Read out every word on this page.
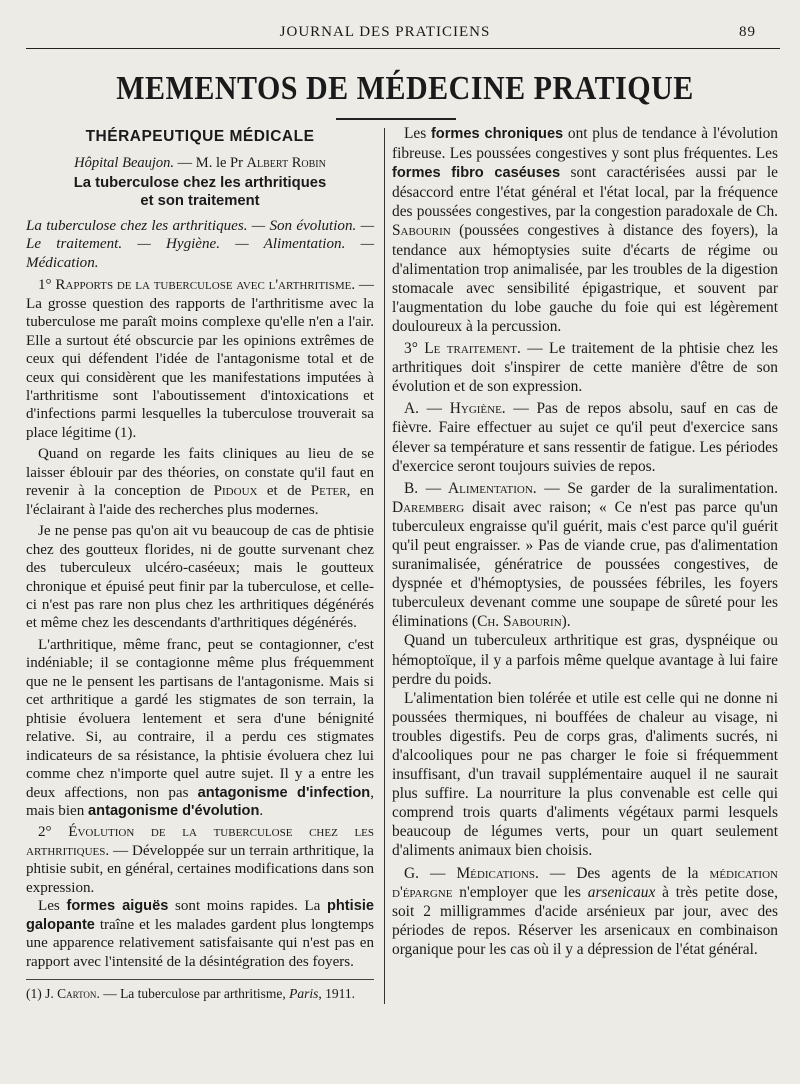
JOURNAL DES PRATICIENS	89
MEMENTOS DE MÉDECINE PRATIQUE
THÉRAPEUTIQUE MÉDICALE
Hôpital Beaujon. — M. le Pr Albert Robin
La tuberculose chez les arthritiques
et son traitement

La tuberculose chez les arthritiques. — Son évolution. — Le traitement. — Hygiène. — Alimentation. — Médication.

1° Rapports de la tuberculose avec l'arthritisme. — La grosse question des rapports de l'arthritisme avec la tuberculose me paraît moins complexe qu'elle n'en a l'air. Elle a surtout été obscurcie par les opinions extrêmes de ceux qui défendent l'idée de l'antagonisme total et de ceux qui considèrent que les manifestations imputées à l'arthritisme sont l'aboutissement d'intoxications et d'infections parmi lesquelles la tuberculose trouverait sa place légitime (1).

Quand on regarde les faits cliniques au lieu de se laisser éblouir par des théories, on constate qu'il faut en revenir à la conception de Pidoux et de Peter, en l'éclairant à l'aide des recherches plus modernes.

Je ne pense pas qu'on ait vu beaucoup de cas de phtisie chez des goutteux florides, ni de goutte survenant chez des tuberculeux ulcéro-caséeux; mais le goutteux chronique et épuisé peut finir par la tuberculose, et celle-ci n'est pas rare non plus chez les arthritiques dégénérés et même chez les descendants d'arthritiques dégénérés.

L'arthritique, même franc, peut se contagionner, c'est indéniable; il se contagionne même plus fréquemment que ne le pensent les partisans de l'antagonisme. Mais si cet arthritique a gardé les stigmates de son terrain, la phtisie évoluera lentement et sera d'une bénignité relative. Si, au contraire, il a perdu ces stigmates indicateurs de sa résistance, la phtisie évoluera chez lui comme chez n'importe quel autre sujet. Il y a entre les deux affections, non pas antagonisme d'infection, mais bien antagonisme d'évolution.

2° Évolution de la tuberculose chez les arthritiques. — Développée sur un terrain arthritique, la phtisie subit, en général, certaines modifications dans son expression.

Les formes aiguës sont moins rapides. La phtisie galopante traîne et les malades gardent plus longtemps une apparence relativement satisfaisante qui n'est pas en rapport avec l'intensité de la désintégration des foyers.

(1) J. Carton. — La tuberculose par arthritisme, Paris, 1911.

Les formes chroniques ont plus de tendance à l'évolution fibreuse. Les poussées congestives y sont plus fréquentes. Les formes fibro caséuses sont caractérisées aussi par le désaccord entre l'état général et l'état local, par la fréquence des poussées congestives, par la congestion paradoxale de Ch. Sabourin (poussées congestives à distance des foyers), la tendance aux hémoptysies suite d'écarts de régime ou d'alimentation trop animalisée, par les troubles de la digestion stomacale avec sensibilité épigastrique, et souvent par l'augmentation du lobe gauche du foie qui est légèrement douloureux à la percussion.

3° Le traitement. — Le traitement de la phtisie chez les arthritiques doit s'inspirer de cette manière d'être de son évolution et de son expression.

A. — Hygiène. — Pas de repos absolu, sauf en cas de fièvre. Faire effectuer au sujet ce qu'il peut d'exercice sans élever sa température et sans ressentir de fatigue. Les périodes d'exercice seront toujours suivies de repos.

B. — Alimentation. — Se garder de la suralimentation. Daremberg disait avec raison; « Ce n'est pas parce qu'un tuberculeux engraisse qu'il guérit, mais c'est parce qu'il guérit qu'il peut engraisser. » Pas de viande crue, pas d'alimentation suranimalisée, génératrice de poussées congestives, de dyspnée et d'hémoptysies, de poussées fébriles, les foyers tuberculeux devenant comme une soupape de sûreté pour les éliminations (Ch. Sabourin).

Quand un tuberculeux arthritique est gras, dyspnéique ou hémoptoïque, il y a parfois même quelque avantage à lui faire perdre du poids.

L'alimentation bien tolérée et utile est celle qui ne donne ni poussées thermiques, ni bouffées de chaleur au visage, ni troubles digestifs. Peu de corps gras, d'aliments sucrés, ni d'alcooliques pour ne pas charger le foie si fréquemment insuffisant, d'un travail supplémentaire auquel il ne saurait plus suffire. La nourriture la plus convenable est celle qui comprend trois quarts d'aliments végétaux parmi lesquels beaucoup de légumes verts, pour un quart seulement d'aliments animaux bien choisis.

G. — Médications. — Des agents de la médication d'épargne n'employer que les arsenicaux à très petite dose, soit 2 milligrammes d'acide arsénieux par jour, avec des périodes de repos. Réserver les arsenicaux en combinaison organique pour les cas où il y a dépression de l'état général.
